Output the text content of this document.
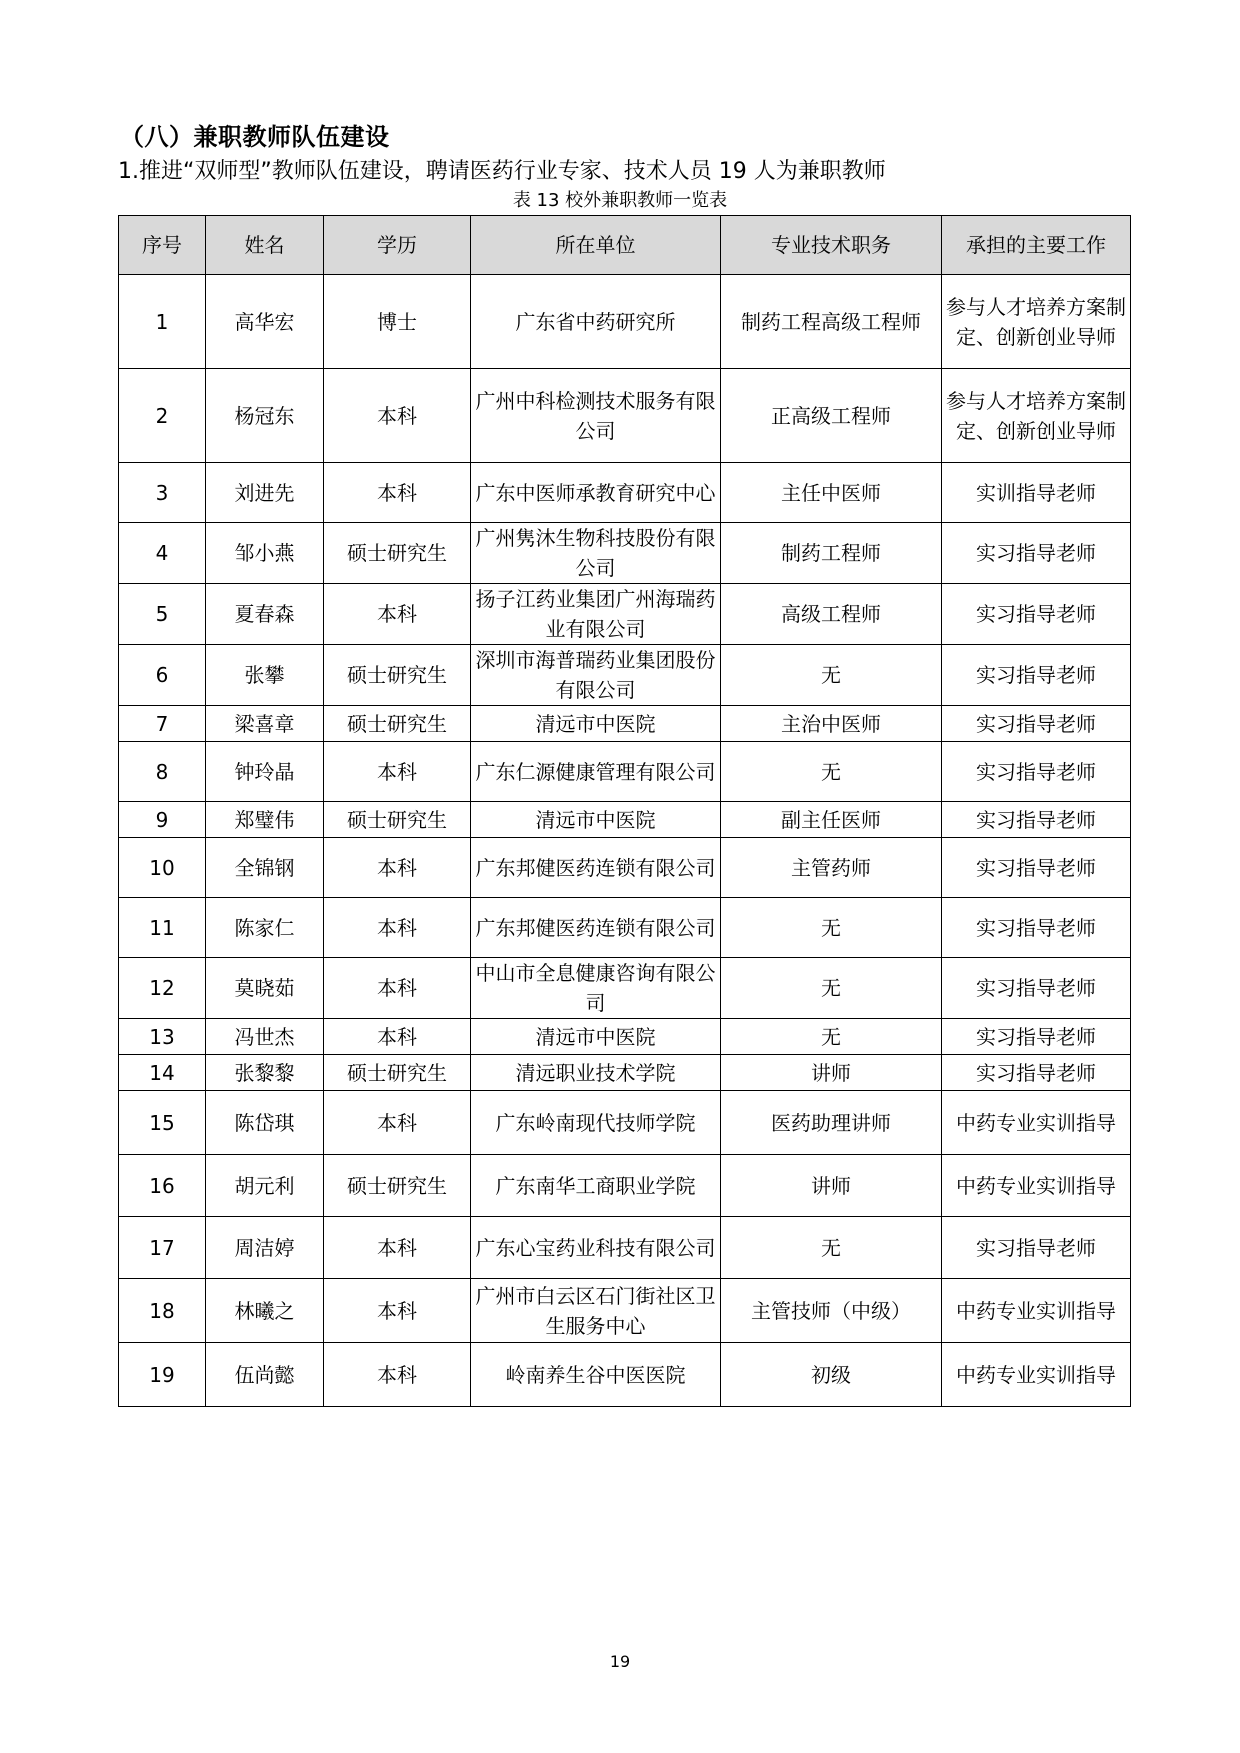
（八）兼职教师队伍建设
1.推进“双师型”教师队伍建设，聘请医药行业专家、技术人员 19 人为兼职教师
表 13 校外兼职教师一览表
序号	姓名	学历	所在单位	专业技术职务	承担的主要工作
1	高华宏	博士	广东省中药研究所	制药工程高级工程师	参与人才培养方案制定、创新创业导师
2	杨冠东	本科	广州中科检测技术服务有限公司	正高级工程师	参与人才培养方案制定、创新创业导师
3	刘进先	本科	广东中医师承教育研究中心	主任中医师	实训指导老师
4	邹小燕	硕士研究生	广州隽沐生物科技股份有限公司	制药工程师	实习指导老师
5	夏春森	本科	扬子江药业集团广州海瑞药业有限公司	高级工程师	实习指导老师
6	张攀	硕士研究生	深圳市海普瑞药业集团股份有限公司	无	实习指导老师
7	梁喜章	硕士研究生	清远市中医院	主治中医师	实习指导老师
8	钟玲晶	本科	广东仁源健康管理有限公司	无	实习指导老师
9	郑璧伟	硕士研究生	清远市中医院	副主任医师	实习指导老师
10	全锦钢	本科	广东邦健医药连锁有限公司	主管药师	实习指导老师
11	陈家仁	本科	广东邦健医药连锁有限公司	无	实习指导老师
12	莫晓茹	本科	中山市全息健康咨询有限公司	无	实习指导老师
13	冯世杰	本科	清远市中医院	无	实习指导老师
14	张黎黎	硕士研究生	清远职业技术学院	讲师	实习指导老师
15	陈岱琪	本科	广东岭南现代技师学院	医药助理讲师	中药专业实训指导
16	胡元利	硕士研究生	广东南华工商职业学院	讲师	中药专业实训指导
17	周洁婷	本科	广东心宝药业科技有限公司	无	实习指导老师
18	林曦之	本科	广州市白云区石门街社区卫生服务中心	主管技师（中级）	中药专业实训指导
19	伍尚懿	本科	岭南养生谷中医医院	初级	中药专业实训指导
19
